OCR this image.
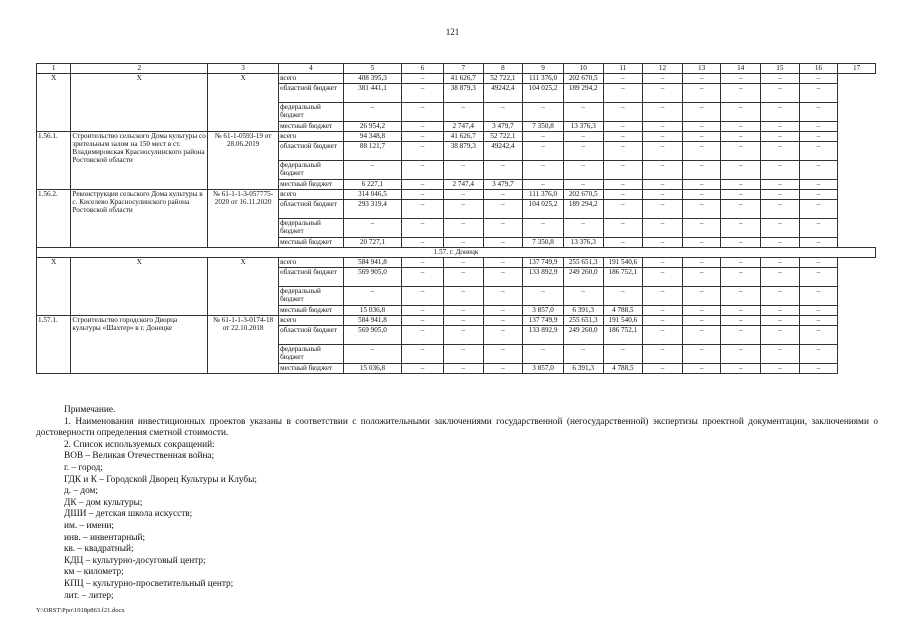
121
1	2	3	4	5	6	7	8	9	10	11	12	13	14	15	16	17
X	X	X	всего	408 395,3	–	41 626,7	52 722,1	111 376,0	202 670,5	–	–	–	–	–	–	
			областной бюджет	381 441,1	–	38 879,3	49242,4	104 025,2	189 294,2	–	–	–	–	–	–	
			федеральный бюджет	–	–	–	–	–	–	–	–	–	–	–	–	
			местный бюджет	26 954,2	–	2 747,4	3 479,7	7 350,8	13 376,3	–	–	–	–	–	–	
1.56.1.	Строительство сельского Дома культуры со зрительным залом на 150 мест в ст. Владимировская Красносулинского района Ростовской области	№ 61-1-0593-19 от 28.06.2019	всего	94 348,8	–	41 626,7	52 722,1	–	–	–	–	–	–	–	–	
			областной бюджет	88 121,7	–	38 879,3	49242,4	–	–	–	–	–	–	–	–	
			федеральный бюджет	–	–	–	–	–	–	–	–	–	–	–	–	
			местный бюджет	6 227,1	–	2 747,4	3 479,7	–	–	–	–	–	–	–	–	
1.56.2.	Реконструкция сельского Дома культуры в с. Киселево Красносулинского района Ростовской области	№ 61-1-1-3-057775-2020 от 16.11.2020	всего	314 046,5	–	–	–	111 376,0	202 670,5	–	–	–	–	–	–	
			областной бюджет	293 319,4	–	–	–	104 025,2	189 294,2	–	–	–	–	–	–	
			федеральный бюджет	–	–	–	–	–	–	–	–	–	–	–	–	
			местный бюджет	20 727,1	–	–	–	7 350,8	13 376,3	–	–	–	–	–	–	
1.57. г. Донецк																
X	X	X	всего	584 941,8	–	–	–	137 749,9	255 651,3	191 540,6	–	–	–	–	–	
			областной бюджет	569 905,0	–	–	–	133 892,9	249 260,0	186 752,1	–	–	–	–	–	
			федеральный бюджет	–	–	–	–	–	–	–	–	–	–	–	–	
			местный бюджет	15 036,8	–	–	–	3 857,0	6 391,3	4 788,5	–	–	–	–	–	
1.57.1.	Строительство городского Дворца культуры «Шахтер» в г. Донецке	№ 61-1-1-3-0174-18 от 22.10.2018	всего	584 941,8	–	–	–	137 749,9	255 651,3	191 540,6	–	–	–	–	–	
			областной бюджет	569 905,0	–	–	–	133 892,9	249 260,0	186 752,1	–	–	–	–	–	
			федеральный бюджет	–	–	–	–	–	–	–	–	–	–	–	–	
			местный бюджет	15 036,8	–	–	–	3 857,0	6 391,3	4 788,5	–	–	–	–	–	

Примечание.

1. Наименования инвестиционных проектов указаны в соответствии с положительными заключениями государственной (негосударственной) экспертизы проектной документации, заключениями о достоверности определения сметной стоимости.

2. Список используемых сокращений:

ВОВ – Великая Отечественная война;

г. – город;

ГДК и К – Городской Дворец Культуры и Клубы;

д. – дом;

ДК – дом культуры;

ДШИ – детская школа искусств;

им. – имени;

инв. – инвентарный;

кв. – квадратный;

КДЦ – культурно-досуговый центр;

км – километр;

КПЦ – культурно-просветительный центр;

лит. – литер;

Y:\ORST\Ppo\1018p863.f21.docx
